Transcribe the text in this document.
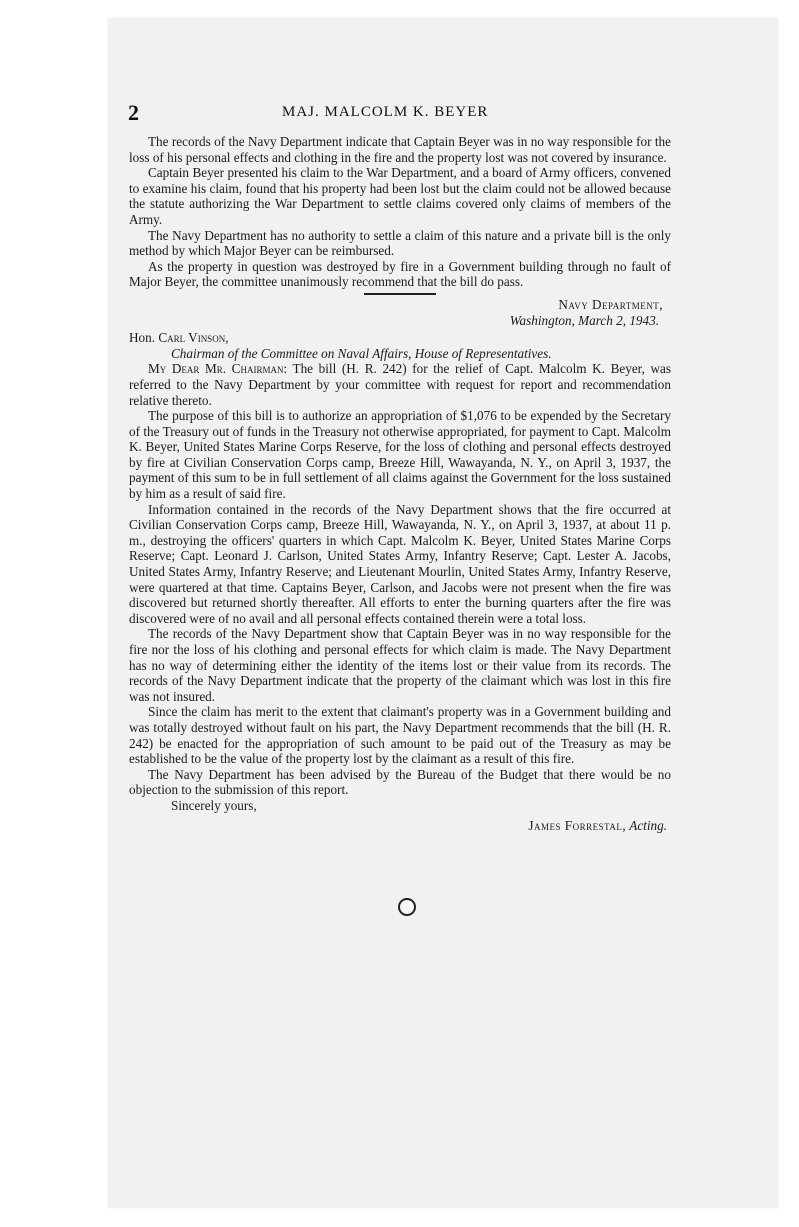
2	MAJ. MALCOLM K. BEYER

The records of the Navy Department indicate that Captain Beyer was in no way responsible for the loss of his personal effects and clothing in the fire and the property lost was not covered by insurance.

Captain Beyer presented his claim to the War Department, and a board of Army officers, convened to examine his claim, found that his property had been lost but the claim could not be allowed because the statute authorizing the War Department to settle claims covered only claims of members of the Army.

The Navy Department has no authority to settle a claim of this nature and a private bill is the only method by which Major Beyer can be reimbursed.

As the property in question was destroyed by fire in a Government building through no fault of Major Beyer, the committee unanimously recommend that the bill do pass.

Navy Department,
Washington, March 2, 1943.
Hon. Carl Vinson,
Chairman of the Committee on Naval Affairs, House of Representatives.

My Dear Mr. Chairman: The bill (H. R. 242) for the relief of Capt. Malcolm K. Beyer, was referred to the Navy Department by your committee with request for report and recommendation relative thereto.

The purpose of this bill is to authorize an appropriation of $1,076 to be expended by the Secretary of the Treasury out of funds in the Treasury not otherwise appropriated, for payment to Capt. Malcolm K. Beyer, United States Marine Corps Reserve, for the loss of clothing and personal effects destroyed by fire at Civilian Conservation Corps camp, Breeze Hill, Wawayanda, N. Y., on April 3, 1937, the payment of this sum to be in full settlement of all claims against the Government for the loss sustained by him as a result of said fire.

Information contained in the records of the Navy Department shows that the fire occurred at Civilian Conservation Corps camp, Breeze Hill, Wawayanda, N. Y., on April 3, 1937, at about 11 p. m., destroying the officers' quarters in which Capt. Malcolm K. Beyer, United States Marine Corps Reserve; Capt. Leonard J. Carlson, United States Army, Infantry Reserve; Capt. Lester A. Jacobs, United States Army, Infantry Reserve; and Lieutenant Mourlin, United States Army, Infantry Reserve, were quartered at that time. Captains Beyer, Carlson, and Jacobs were not present when the fire was discovered but returned shortly thereafter. All efforts to enter the burning quarters after the fire was discovered were of no avail and all personal effects contained therein were a total loss.

The records of the Navy Department show that Captain Beyer was in no way responsible for the fire nor the loss of his clothing and personal effects for which claim is made. The Navy Department has no way of determining either the identity of the items lost or their value from its records. The records of the Navy Department indicate that the property of the claimant which was lost in this fire was not insured.

Since the claim has merit to the extent that claimant's property was in a Government building and was totally destroyed without fault on his part, the Navy Department recommends that the bill (H. R. 242) be enacted for the appropriation of such amount to be paid out of the Treasury as may be established to be the value of the property lost by the claimant as a result of this fire.

The Navy Department has been advised by the Bureau of the Budget that there would be no objection to the submission of this report.

Sincerely yours,
James Forrestal, Acting.
